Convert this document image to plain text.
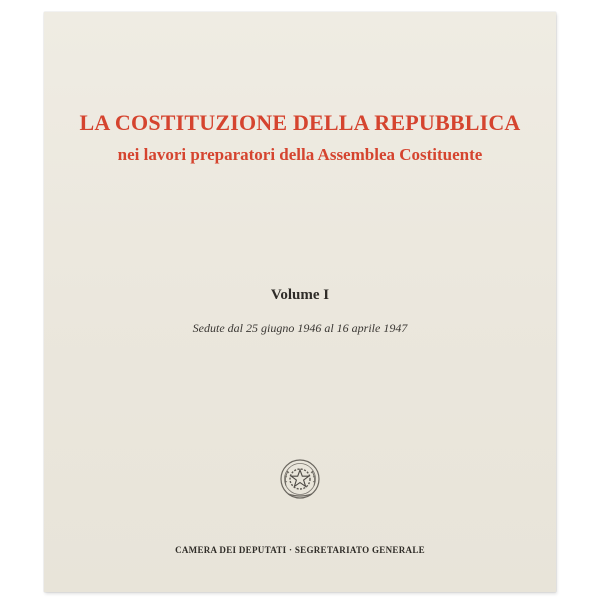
LA COSTITUZIONE DELLA REPUBBLICA
nei lavori preparatori della Assemblea Costituente
Volume I
Sedute dal 25 giugno 1946 al 16 aprile 1947
CAMERA DEI DEPUTATI · SEGRETARIATO GENERALE
